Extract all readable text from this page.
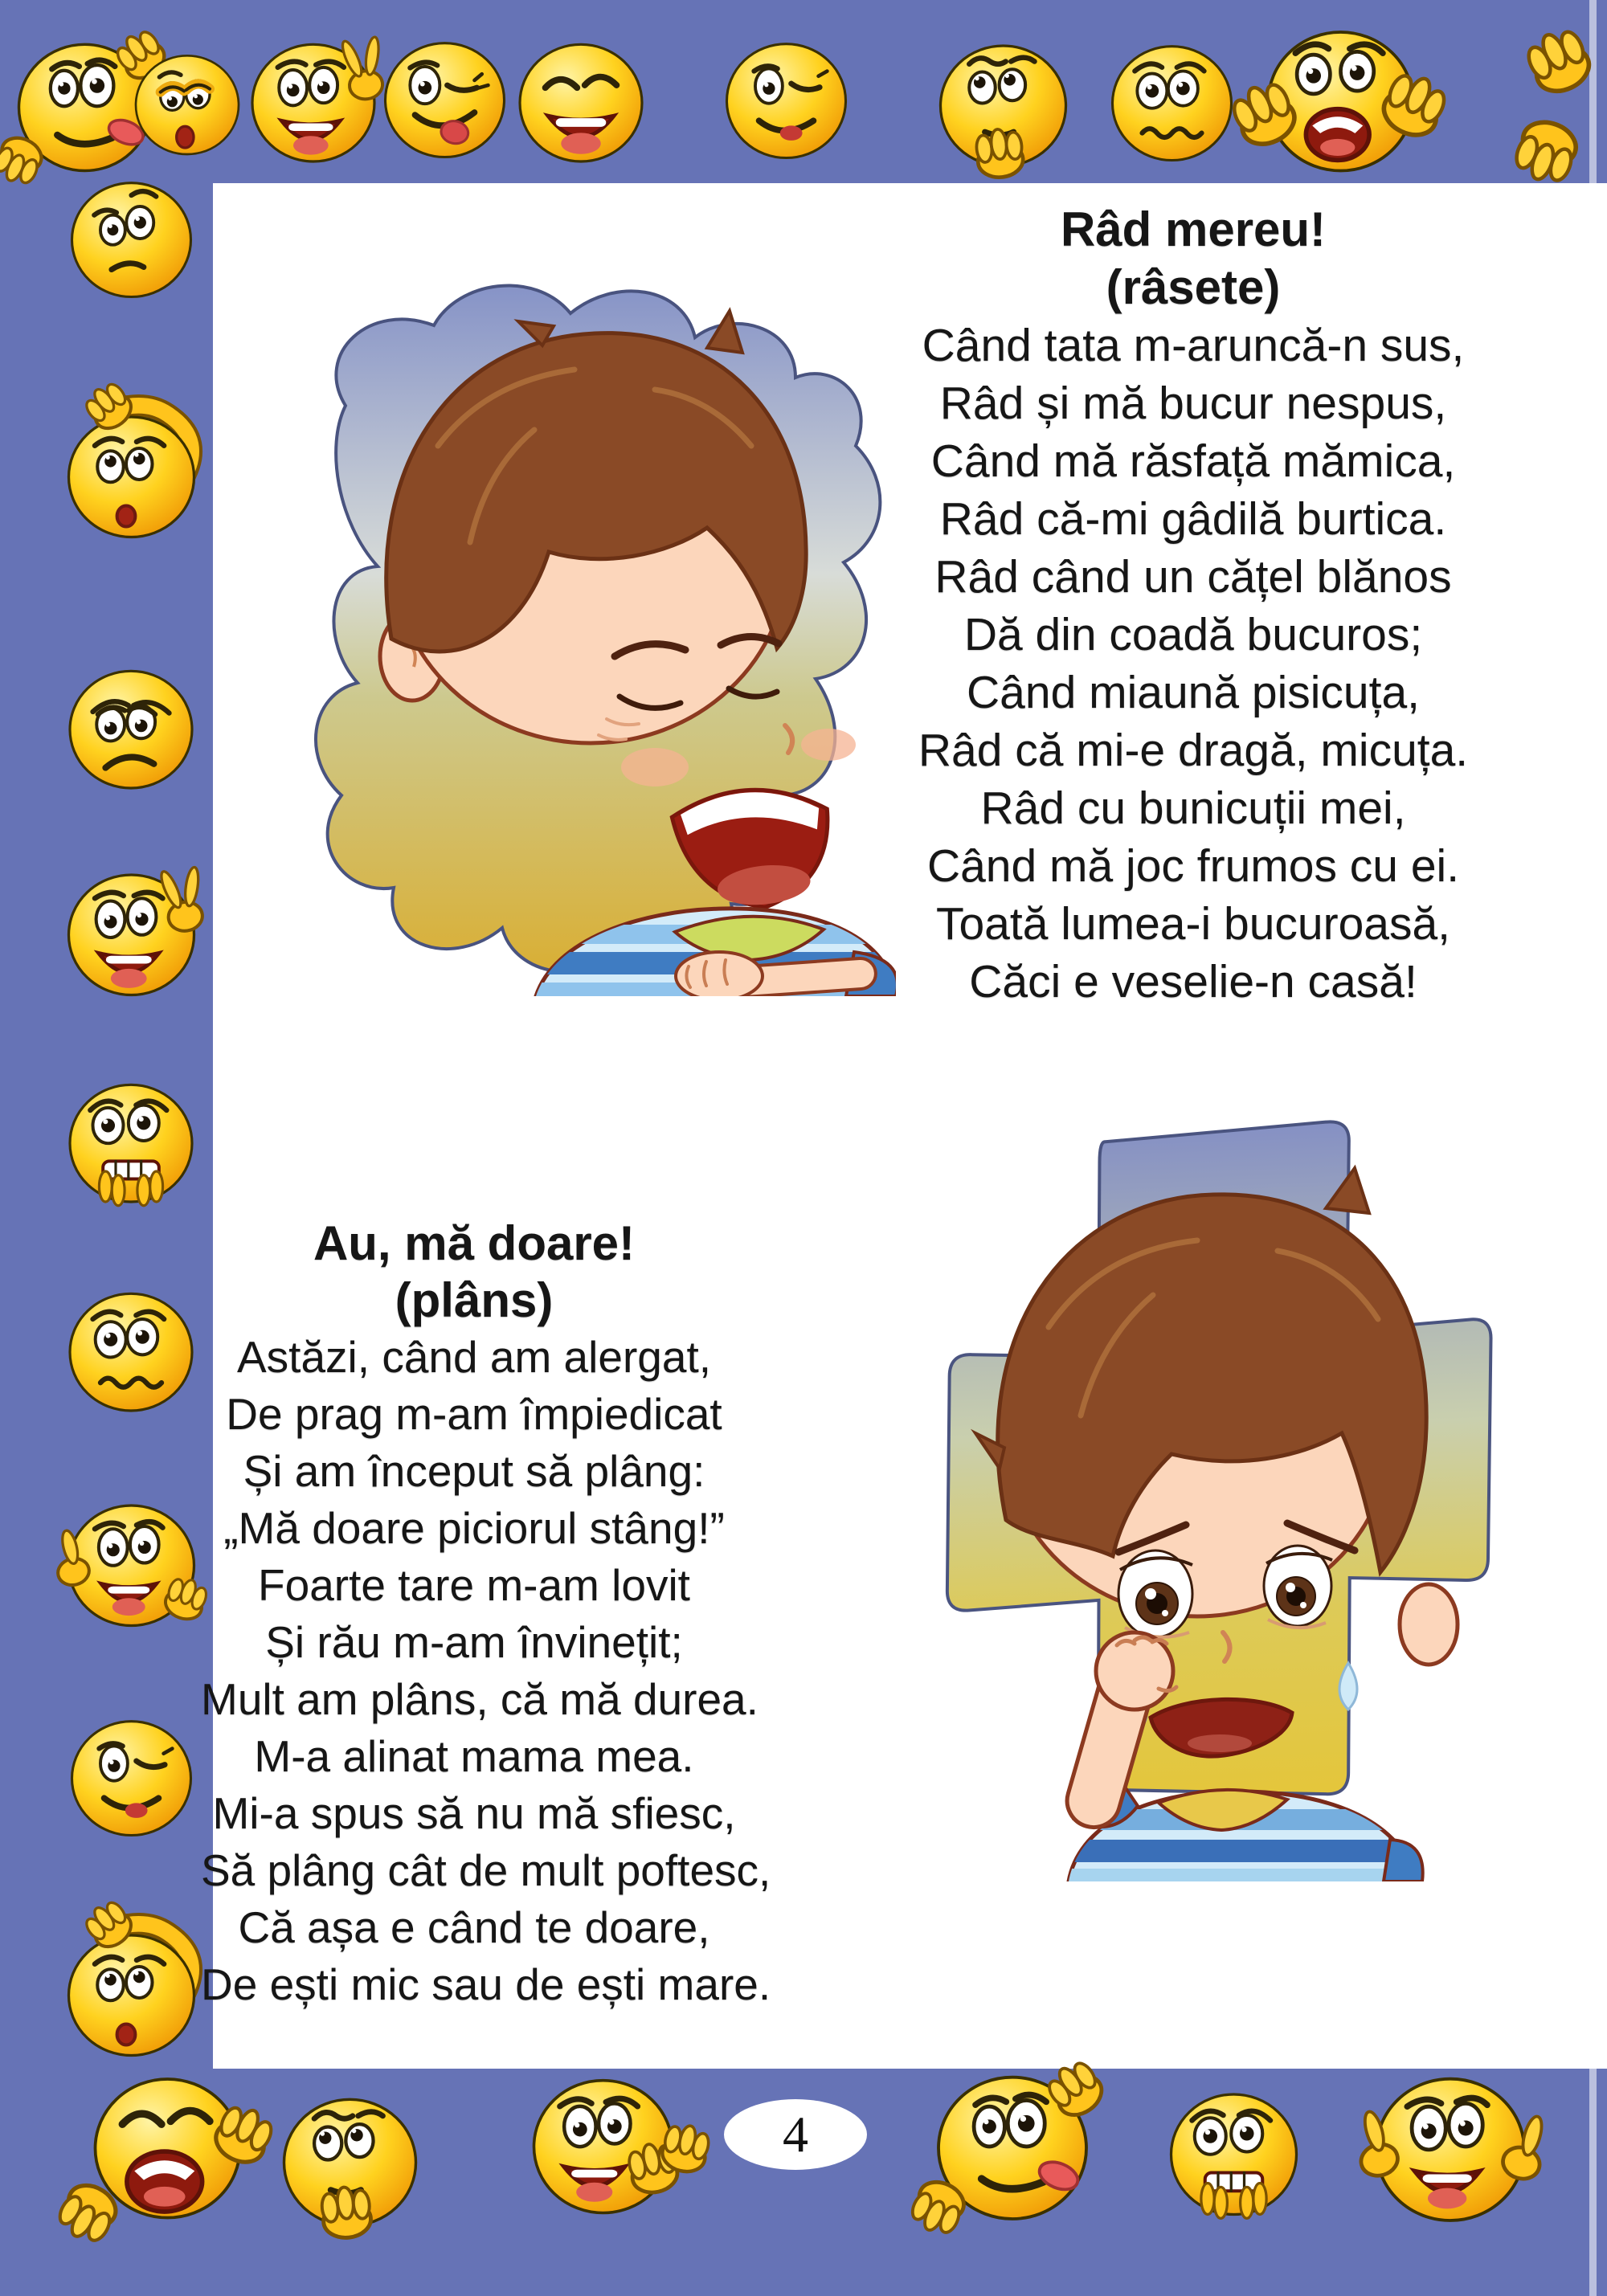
Râd mereu!
(râsete)
Când tata m-aruncă-n sus,
Râd și mă bucur nespus,
Când mă răsfață mămica,
Râd că-mi gâdilă burtica.
Râd când un cățel blănos
Dă din coadă bucuros;
Când miaună pisicuța,
Râd că mi-e dragă, micuța.
Râd cu bunicuții mei,
Când mă joc frumos cu ei.
Toată lumea-i bucuroasă,
Căci e veselie-n casă!
Au, mă doare!
(plâns)
Astăzi, când am alergat,
De prag m-am împiedicat
Și am început să plâng:
„Mă doare piciorul stâng!”
Foarte tare m-am lovit
Și rău m-am învinețit;
Mult am plâns, că mă durea.
M-a alinat mama mea.
Mi-a spus să nu mă sfiesc,
Să plâng cât de mult poftesc,
Că așa e când te doare,
De ești mic sau de ești mare.
4
